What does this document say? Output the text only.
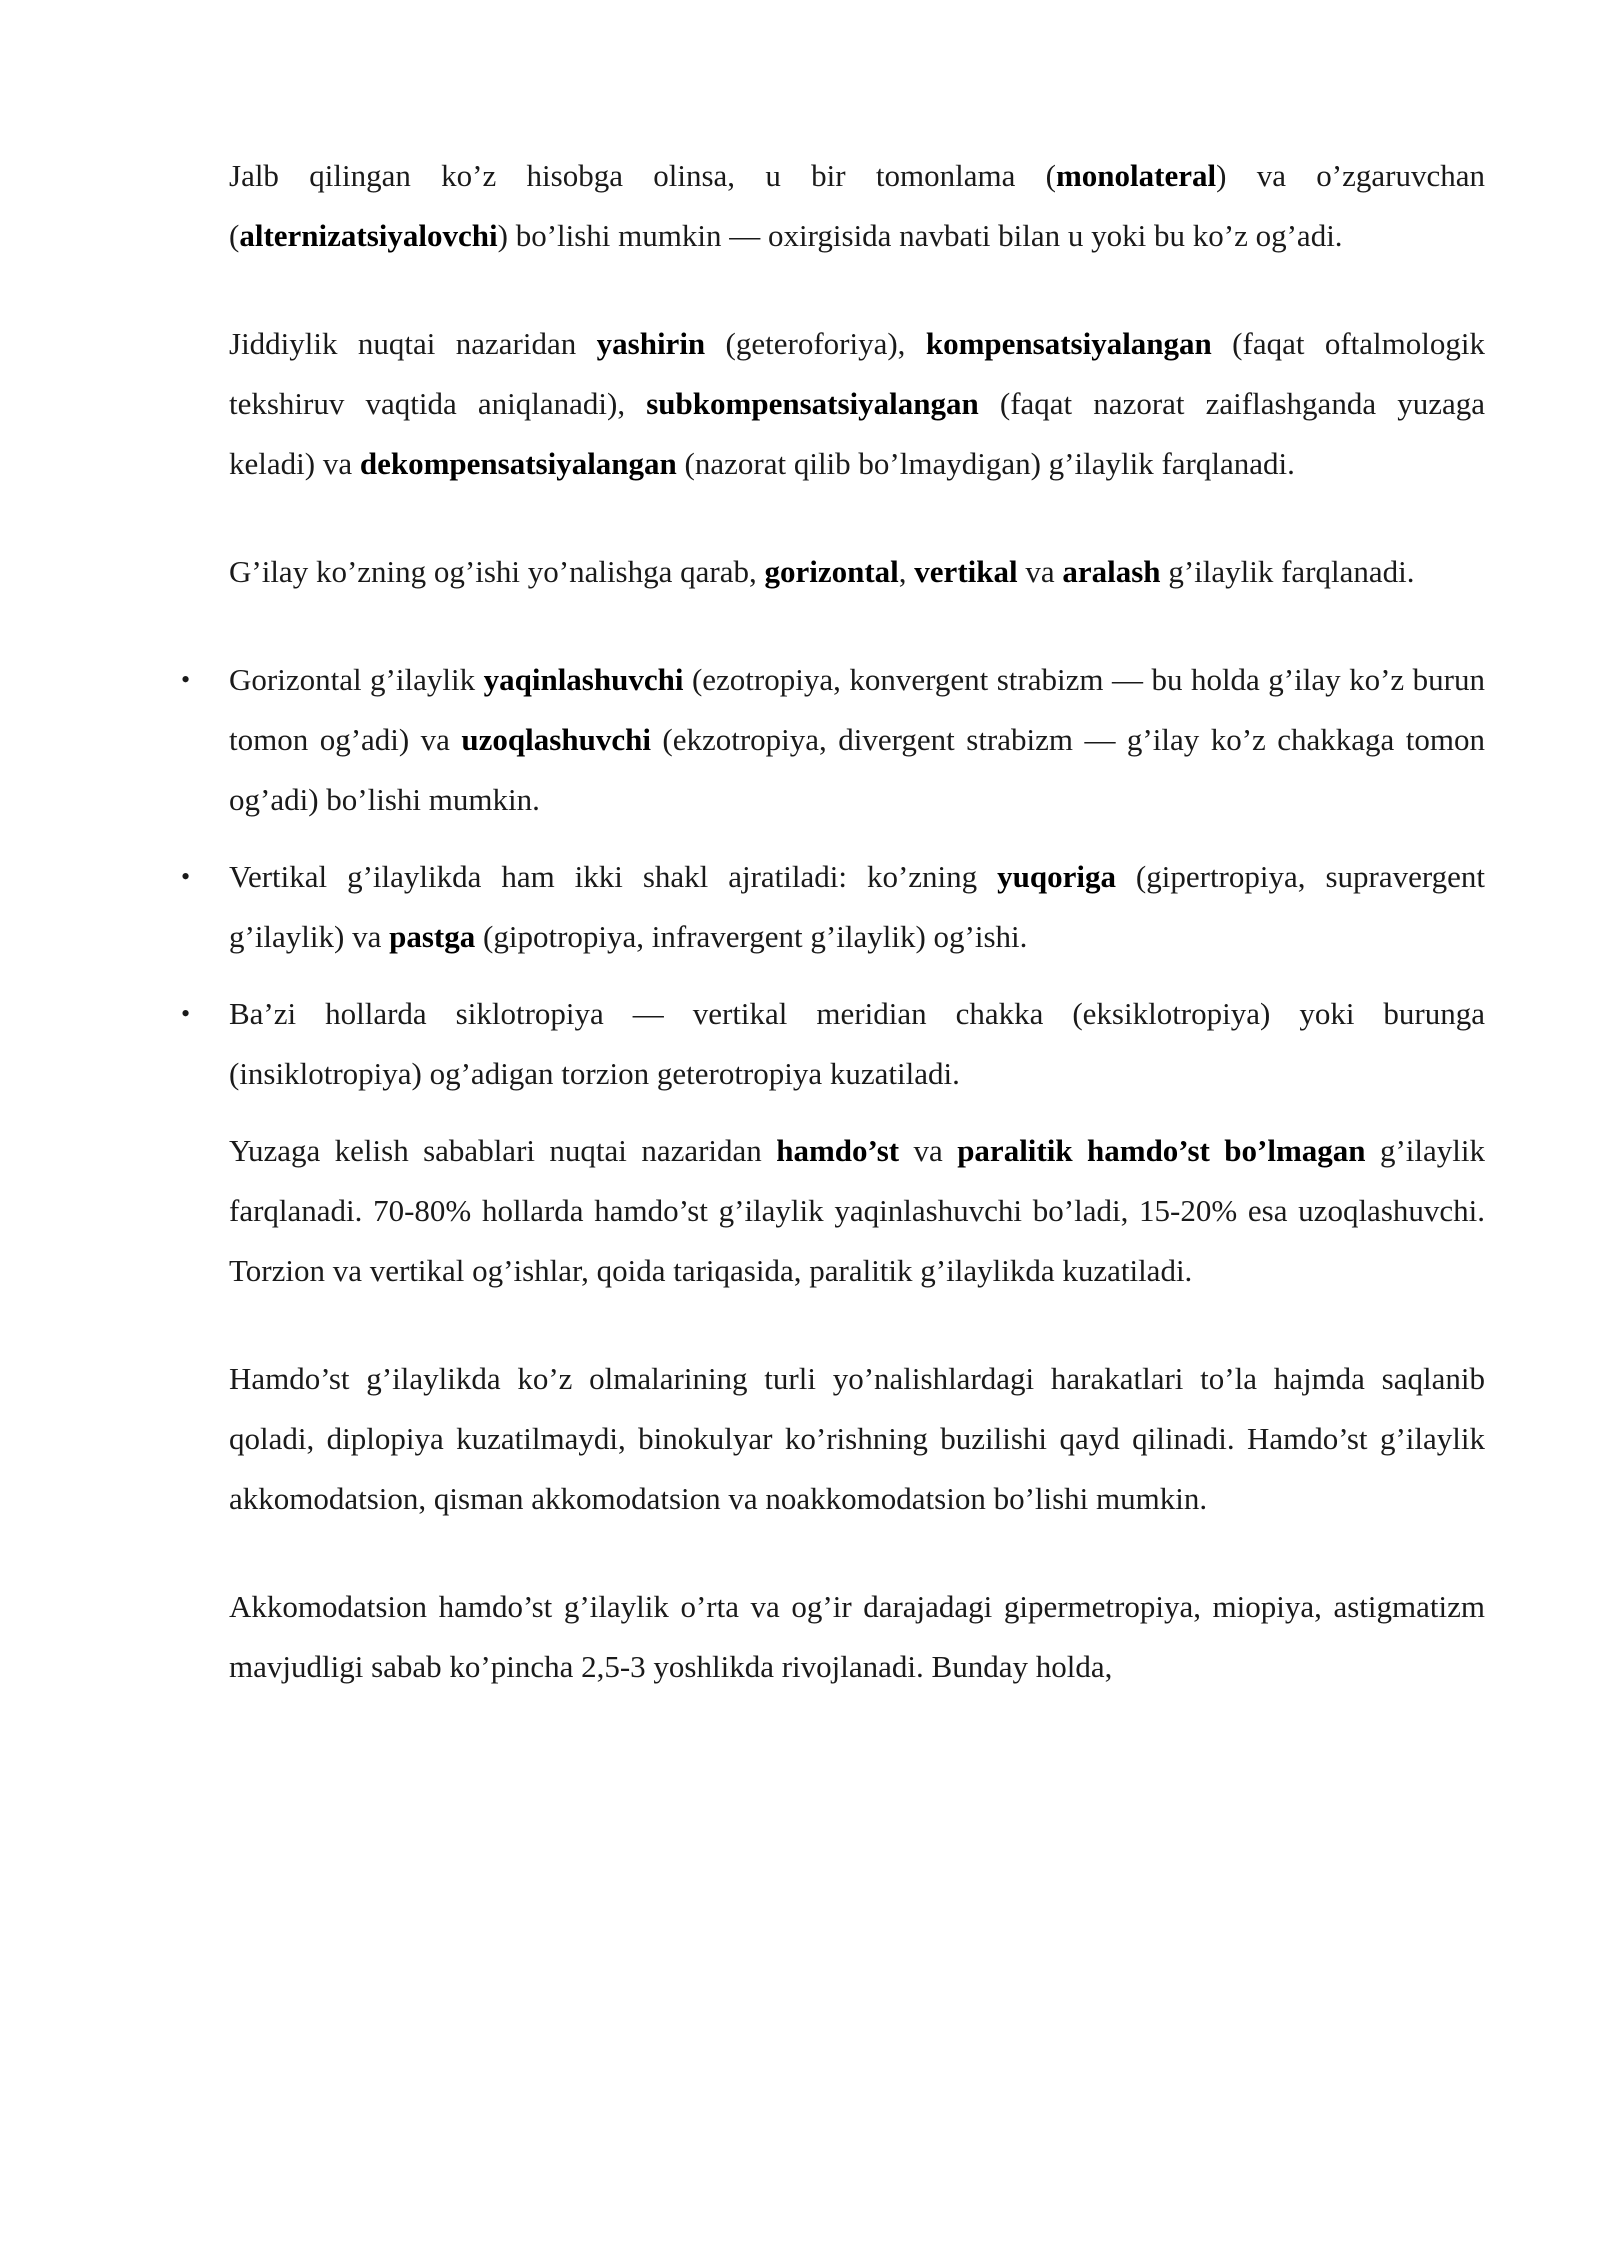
Jalb qilingan ko’z hisobga olinsa, u bir tomonlama (monolateral) va o’zgaruvchan (alternizatsiyalovchi) bo’lishi mumkin — oxirgisida navbati bilan u yoki bu ko’z og’adi.

Jiddiylik nuqtai nazaridan yashirin (geteroforiya), kompensatsiyalangan (faqat oftalmologik tekshiruv vaqtida aniqlanadi), subkompensatsiyalangan (faqat nazorat zaiflashganda yuzaga keladi) va dekompensatsiyalangan (nazorat qilib bo’lmaydigan) g’ilaylik farqlanadi.

G’ilay ko’zning og’ishi yo’nalishga qarab, gorizontal, vertikal va aralash g’ilaylik farqlanadi.

• Gorizontal g’ilaylik yaqinlashuvchi (ezotropiya, konvergent strabizm — bu holda g’ilay ko’z burun tomon og’adi) va uzoqlashuvchi (ekzotropiya, divergent strabizm — g’ilay ko’z chakkaga tomon og’adi) bo’lishi mumkin.
• Vertikal g’ilaylikda ham ikki shakl ajratiladi: ko’zning yuqoriga (gipertropiya, supravergent g’ilaylik) va pastga (gipotropiya, infravergent g’ilaylik) og’ishi.
• Ba’zi hollarda siklotropiya — vertikal meridian chakka (eksiklotropiya) yoki burunga (insiklotropiya) og’adigan torzion geterotropiya kuzatiladi.

Yuzaga kelish sabablari nuqtai nazaridan hamdo’st va paralitik hamdo’st bo’lmagan g’ilaylik farqlanadi. 70-80% hollarda hamdo’st g’ilaylik yaqinlashuvchi bo’ladi, 15-20% esa uzoqlashuvchi. Torzion va vertikal og’ishlar, qoida tariqasida, paralitik g’ilaylikda kuzatiladi.

Hamdo’st g’ilaylikda ko’z olmalarining turli yo’nalishlardagi harakatlari to’la hajmda saqlanib qoladi, diplopiya kuzatilmaydi, binokulyar ko’rishning buzilishi qayd qilinadi. Hamdo’st g’ilaylik akkomodatsion, qisman akkomodatsion va noakkomodatsion bo’lishi mumkin.

Akkomodatsion hamdo’st g’ilaylik o’rta va og’ir darajadagi gipermetropiya, miopiya, astigmatizm mavjudligi sabab ko’pincha 2,5-3 yoshlikda rivojlanadi. Bunday holda,
